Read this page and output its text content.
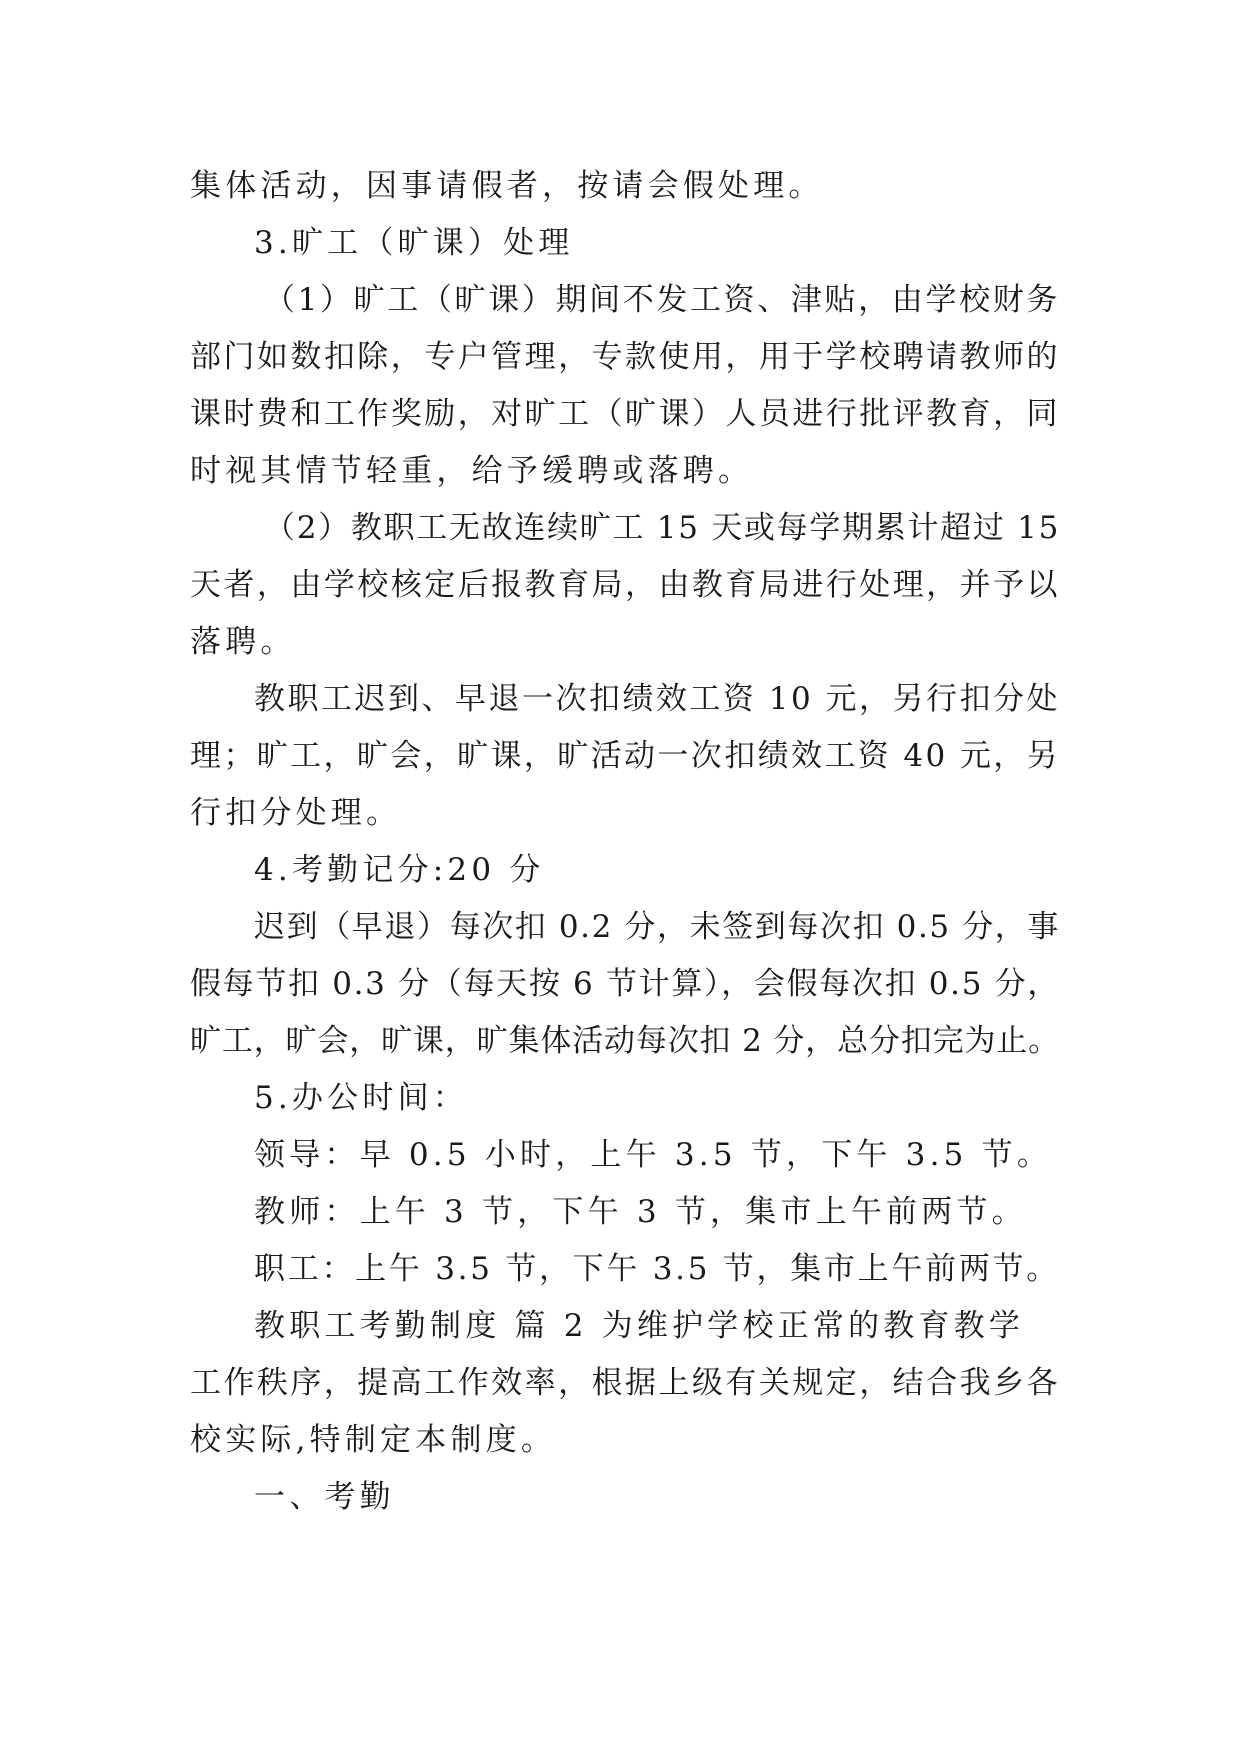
集体活动，因事请假者，按请会假处理。
3.旷工（旷课）处理
（1）旷工（旷课）期间不发工资、津贴，由学校财务
部门如数扣除，专户管理，专款使用，用于学校聘请教师的
课时费和工作奖励，对旷工（旷课）人员进行批评教育，同
时视其情节轻重，给予缓聘或落聘。
（2）教职工无故连续旷工 15 天或每学期累计超过 15
天者，由学校核定后报教育局，由教育局进行处理，并予以
落聘。
教职工迟到、早退一次扣绩效工资 10 元，另行扣分处
理；旷工，旷会，旷课，旷活动一次扣绩效工资 40 元，另
行扣分处理。
4.考勤记分:20 分
迟到（早退）每次扣 0.2 分，未签到每次扣 0.5 分，事
假每节扣 0.3 分（每天按 6 节计算），会假每次扣 0.5 分，
旷工，旷会，旷课，旷集体活动每次扣 2 分，总分扣完为止。
5.办公时间：
领导：早 0.5 小时，上午 3.5 节，下午 3.5 节。
教师：上午 3 节，下午 3 节，集市上午前两节。
职工：上午 3.5 节，下午 3.5 节，集市上午前两节。
教职工考勤制度 篇 2 为维护学校正常的教育教学
工作秩序，提高工作效率，根据上级有关规定，结合我乡各
校实际,特制定本制度。
一、考勤
